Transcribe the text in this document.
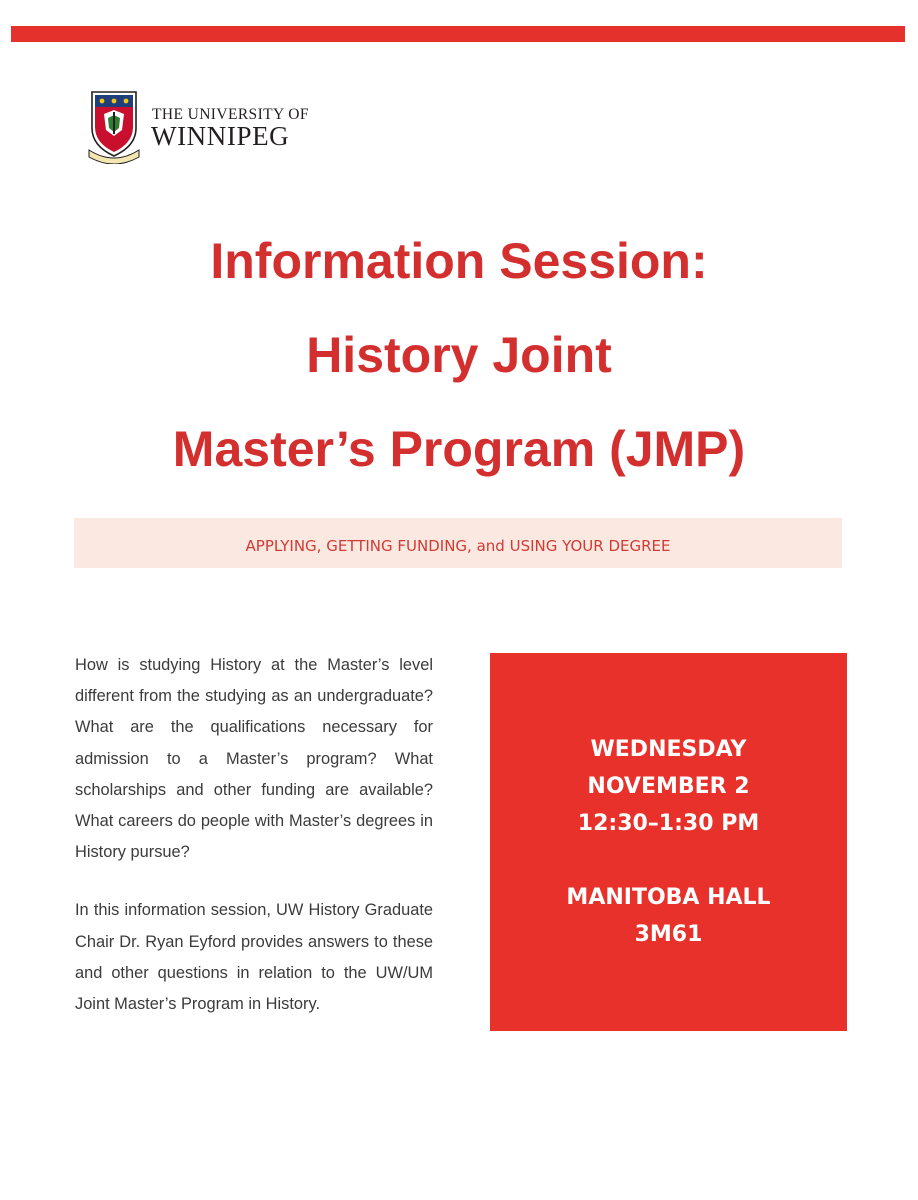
THE UNIVERSITY OF
WINNIPEG
Information Session:
History Joint
Master’s Program (JMP)
APPLYING, GETTING FUNDING, and USING YOUR DEGREE

How is studying History at the Master’s level different from the studying as an undergraduate? What are the qualifications necessary for admission to a Master’s program? What scholarships and other funding are available? What careers do people with Master’s degrees in History pursue?

In this information session, UW History Graduate Chair Dr. Ryan Eyford provides answers to these and other questions in relation to the UW/UM Joint Master’s Program in History.

WEDNESDAY
NOVEMBER 2
12:30–1:30 PM
MANITOBA HALL
3M61
